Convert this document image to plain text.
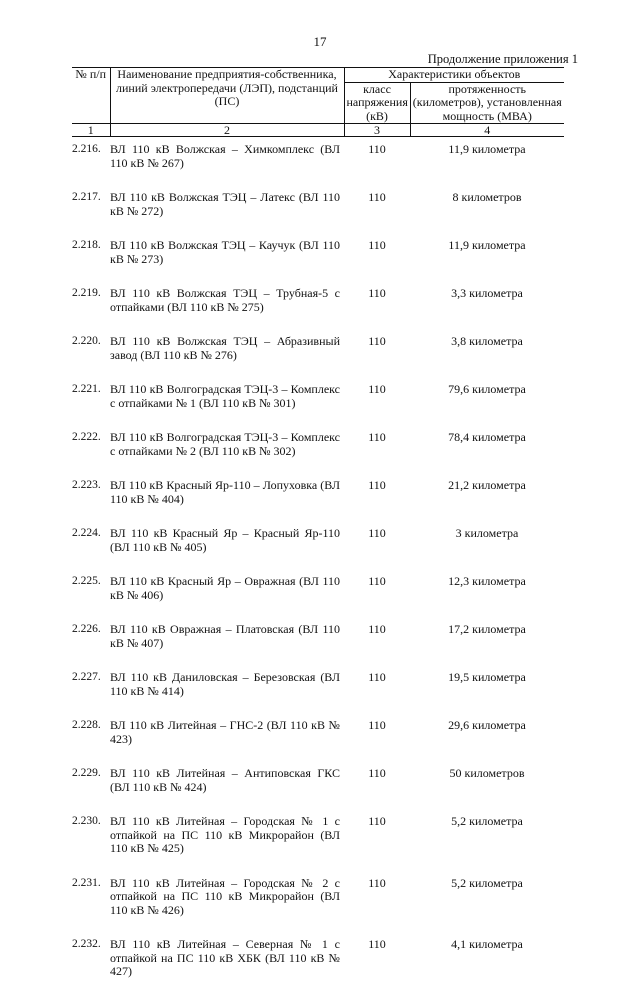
17
Продолжение приложения 1
№ п/п	Наименование предприятия-собственника, линий электропередачи (ЛЭП), подстанций (ПС)	Характеристики объектов	
		класс напряжения (кВ)	протяженность (километров), установленная мощность (МВА)
1	2	3	4
2.216.	ВЛ 110 кВ Волжская – Химкомплекс (ВЛ 110 кВ № 267)	110	11,9 километра
2.217.	ВЛ 110 кВ Волжская ТЭЦ – Латекс (ВЛ 110 кВ № 272)	110	8 километров
2.218.	ВЛ 110 кВ Волжская ТЭЦ – Каучук (ВЛ 110 кВ № 273)	110	11,9 километра
2.219.	ВЛ 110 кВ Волжская ТЭЦ – Трубная-5 с отпайками (ВЛ 110 кВ № 275)	110	3,3 километра
2.220.	ВЛ 110 кВ Волжская ТЭЦ – Абразивный завод (ВЛ 110 кВ № 276)	110	3,8 километра
2.221.	ВЛ 110 кВ Волгоградская ТЭЦ-3 – Комплекс с отпайками № 1 (ВЛ 110 кВ № 301)	110	79,6 километра
2.222.	ВЛ 110 кВ Волгоградская ТЭЦ-3 – Комплекс с отпайками № 2 (ВЛ 110 кВ № 302)	110	78,4 километра
2.223.	ВЛ 110 кВ Красный Яр-110 – Лопуховка (ВЛ 110 кВ № 404)	110	21,2 километра
2.224.	ВЛ 110 кВ Красный Яр – Красный Яр-110 (ВЛ 110 кВ № 405)	110	3 километра
2.225.	ВЛ 110 кВ Красный Яр – Овражная (ВЛ 110 кВ № 406)	110	12,3 километра
2.226.	ВЛ 110 кВ Овражная – Платовская (ВЛ 110 кВ № 407)	110	17,2 километра
2.227.	ВЛ 110 кВ Даниловская – Березовская (ВЛ 110 кВ № 414)	110	19,5 километра
2.228.	ВЛ 110 кВ Литейная – ГНС-2 (ВЛ 110 кВ № 423)	110	29,6 километра
2.229.	ВЛ 110 кВ Литейная – Антиповская ГКС (ВЛ 110 кВ № 424)	110	50 километров
2.230.	ВЛ 110 кВ Литейная – Городская № 1 с отпайкой на ПС 110 кВ Микрорайон (ВЛ 110 кВ № 425)	110	5,2 километра
2.231.	ВЛ 110 кВ Литейная – Городская № 2 с отпайкой на ПС 110 кВ Микрорайон (ВЛ 110 кВ № 426)	110	5,2 километра
2.232.	ВЛ 110 кВ Литейная – Северная № 1 с отпайкой на ПС 110 кВ ХБК (ВЛ 110 кВ № 427)	110	4,1 километра
